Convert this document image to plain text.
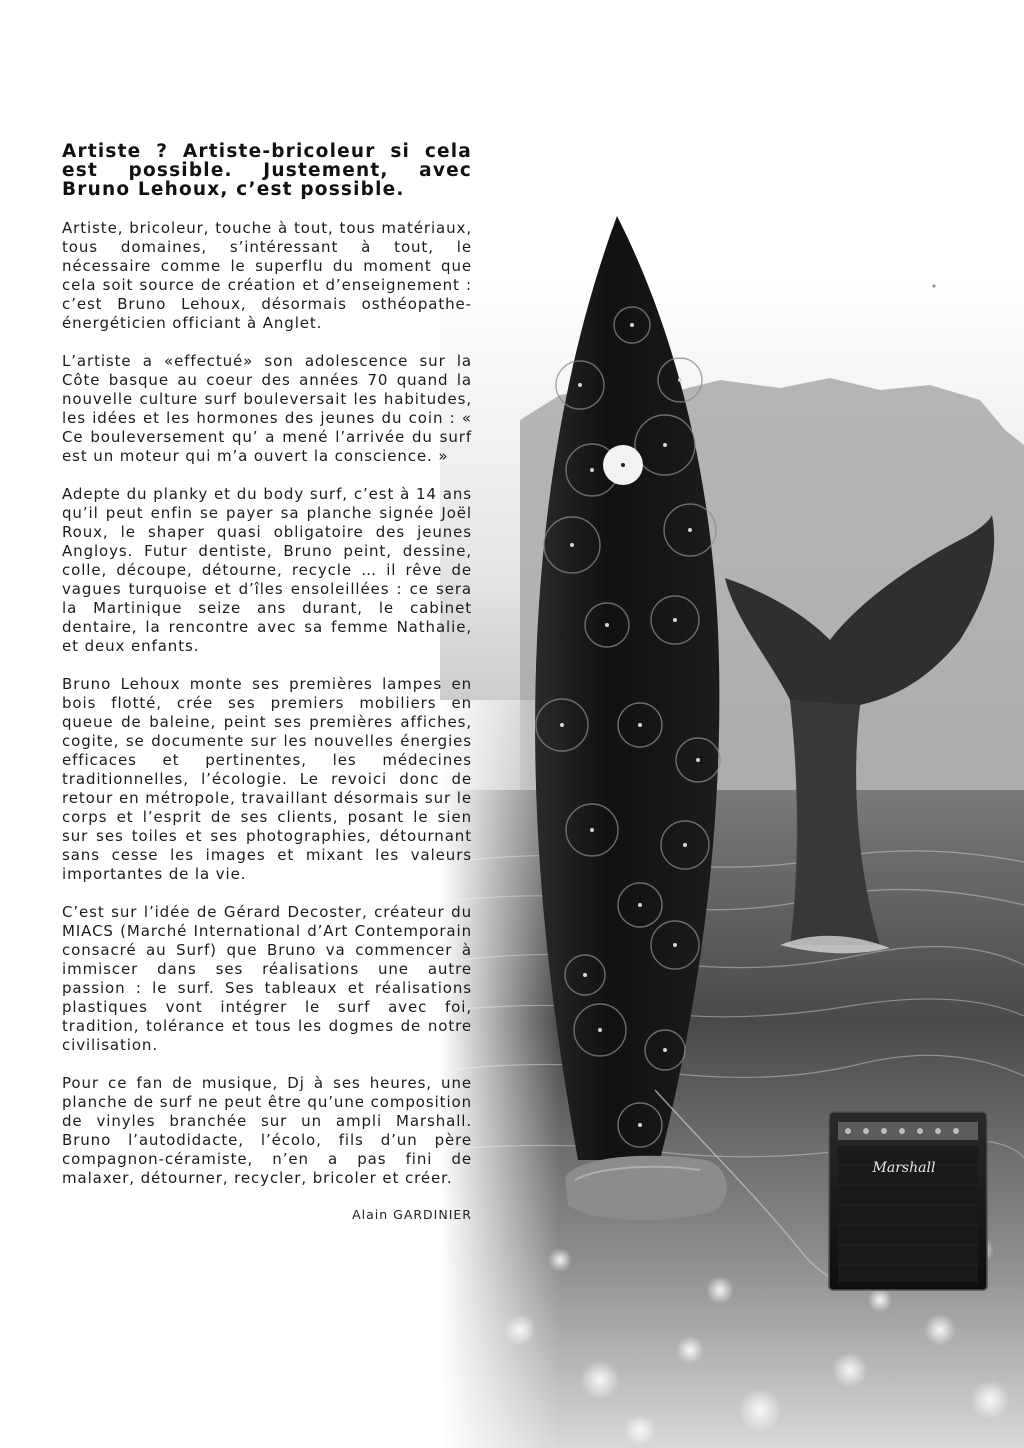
Marshall
Artiste ? Artiste-bricoleur si cela est possible. Justement, avec Bruno Lehoux, c’est possible.

Artiste, bricoleur, touche à tout, tous matériaux, tous domaines, s’intéressant à tout, le nécessaire comme le superflu du moment que cela soit source de création et d’enseignement : c’est Bruno Lehoux, désormais osthéopathe-énergéticien officiant à Anglet.

L’artiste a «effectué» son adolescence sur la Côte basque au coeur des années 70 quand la nouvelle culture surf bouleversait les habitudes, les idées et les hormones des jeunes du coin : « Ce bouleversement qu’ a mené l’arrivée du surf est un moteur qui m’a ouvert la conscience. »

Adepte du planky et du body surf, c’est à 14 ans qu’il peut enfin se payer sa planche signée Joël Roux, le shaper quasi obligatoire des jeunes Angloys. Futur dentiste, Bruno peint, dessine, colle, découpe, détourne, recycle … il rêve de vagues turquoise et d’îles ensoleillées : ce sera la Martinique seize ans durant, le cabinet dentaire, la rencontre avec sa femme Nathalie, et deux enfants.

Bruno Lehoux monte ses premières lampes en bois flotté, crée ses premiers mobiliers en queue de baleine, peint ses premières affiches, cogite, se documente sur les nouvelles énergies efficaces et pertinentes, les médecines traditionnelles, l’écologie. Le revoici donc de retour en métropole, travaillant désormais sur le corps et l’esprit de ses clients, posant le sien sur ses toiles et ses photographies, détournant sans cesse les images et mixant les valeurs importantes de la vie.

C’est sur l’idée de Gérard Decoster, créateur du MIACS (Marché International d’Art Contemporain consacré au Surf) que Bruno va commencer à immiscer dans ses réalisations une autre passion : le surf. Ses tableaux et réalisations plastiques vont intégrer le surf avec foi, tradition, tolérance et tous les dogmes de notre civilisation.

Pour ce fan de musique, Dj à ses heures, une planche de surf ne peut être qu’une composition de vinyles branchée sur un ampli Marshall. Bruno l’autodidacte, l’écolo, fils d’un père compagnon-céramiste, n’en a pas fini de malaxer, détourner, recycler, bricoler et créer.

Alain GARDINIER
